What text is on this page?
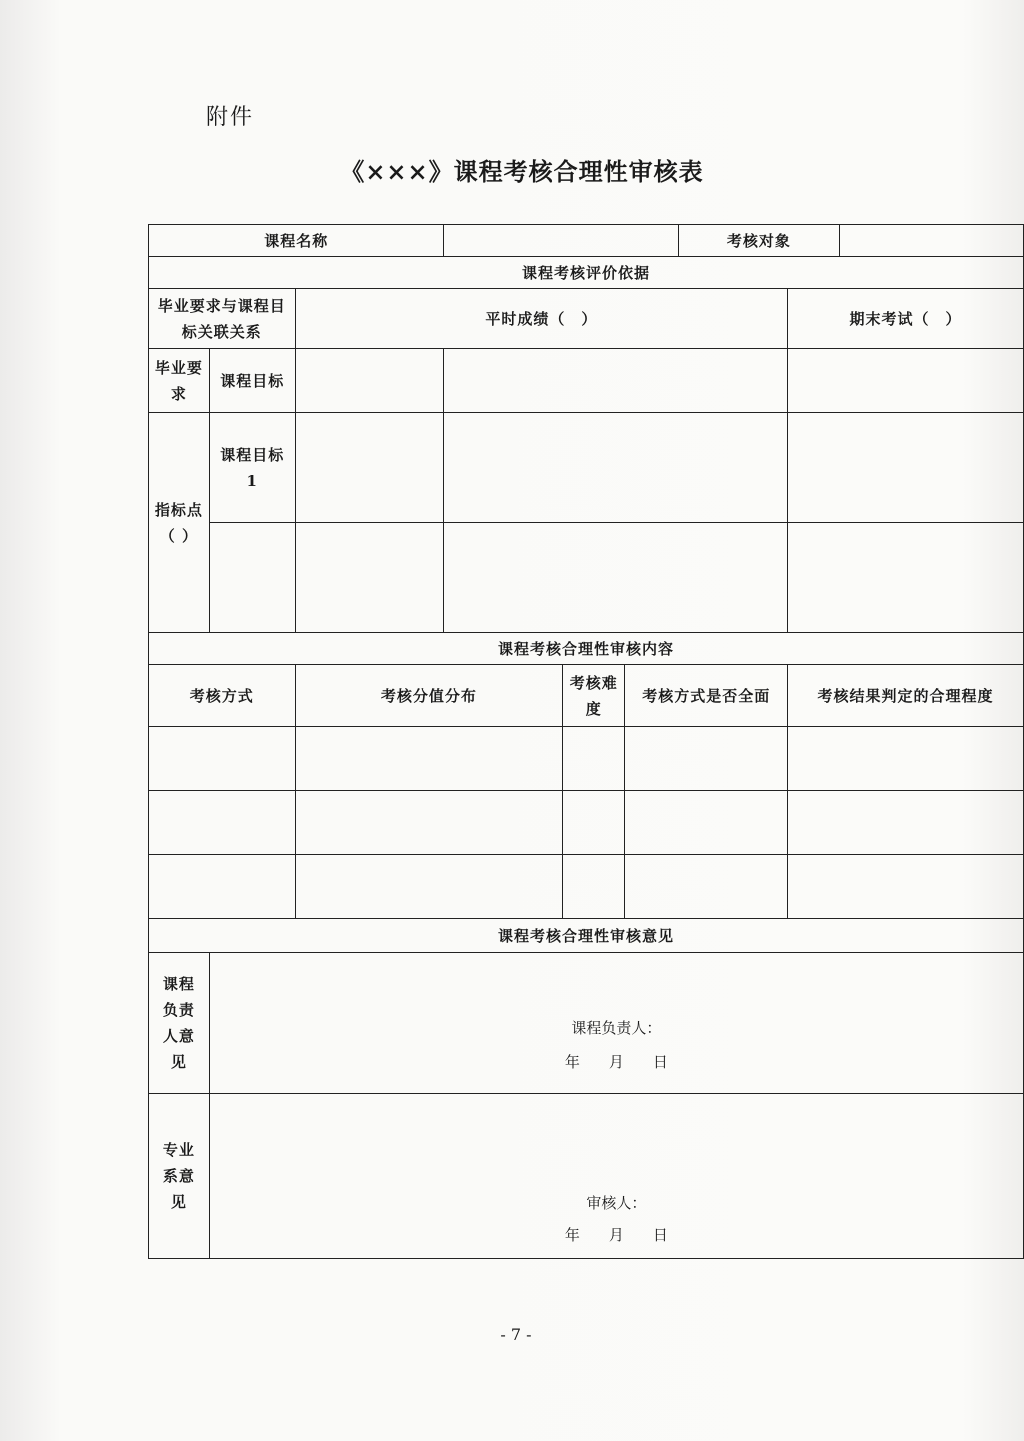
附件
《×××》课程考核合理性审核表
课程名称						考核对象		
课程考核评价依据								
毕业要求与课程目标关联关系		平时成绩（　）					期末考试（　）	
毕业要求	课程目标							
指标点（ ）	课程目标 1							

课程考核合理性审核内容								
考核方式		考核分值分布		考核难度	考核方式是否全面		考核结果判定的合理程度	

课程考核合理性审核意见								
课程负责人意见	课程负责人：
年 月 日							

专业系意见	审核人：
年 月 日							
- 7 -
